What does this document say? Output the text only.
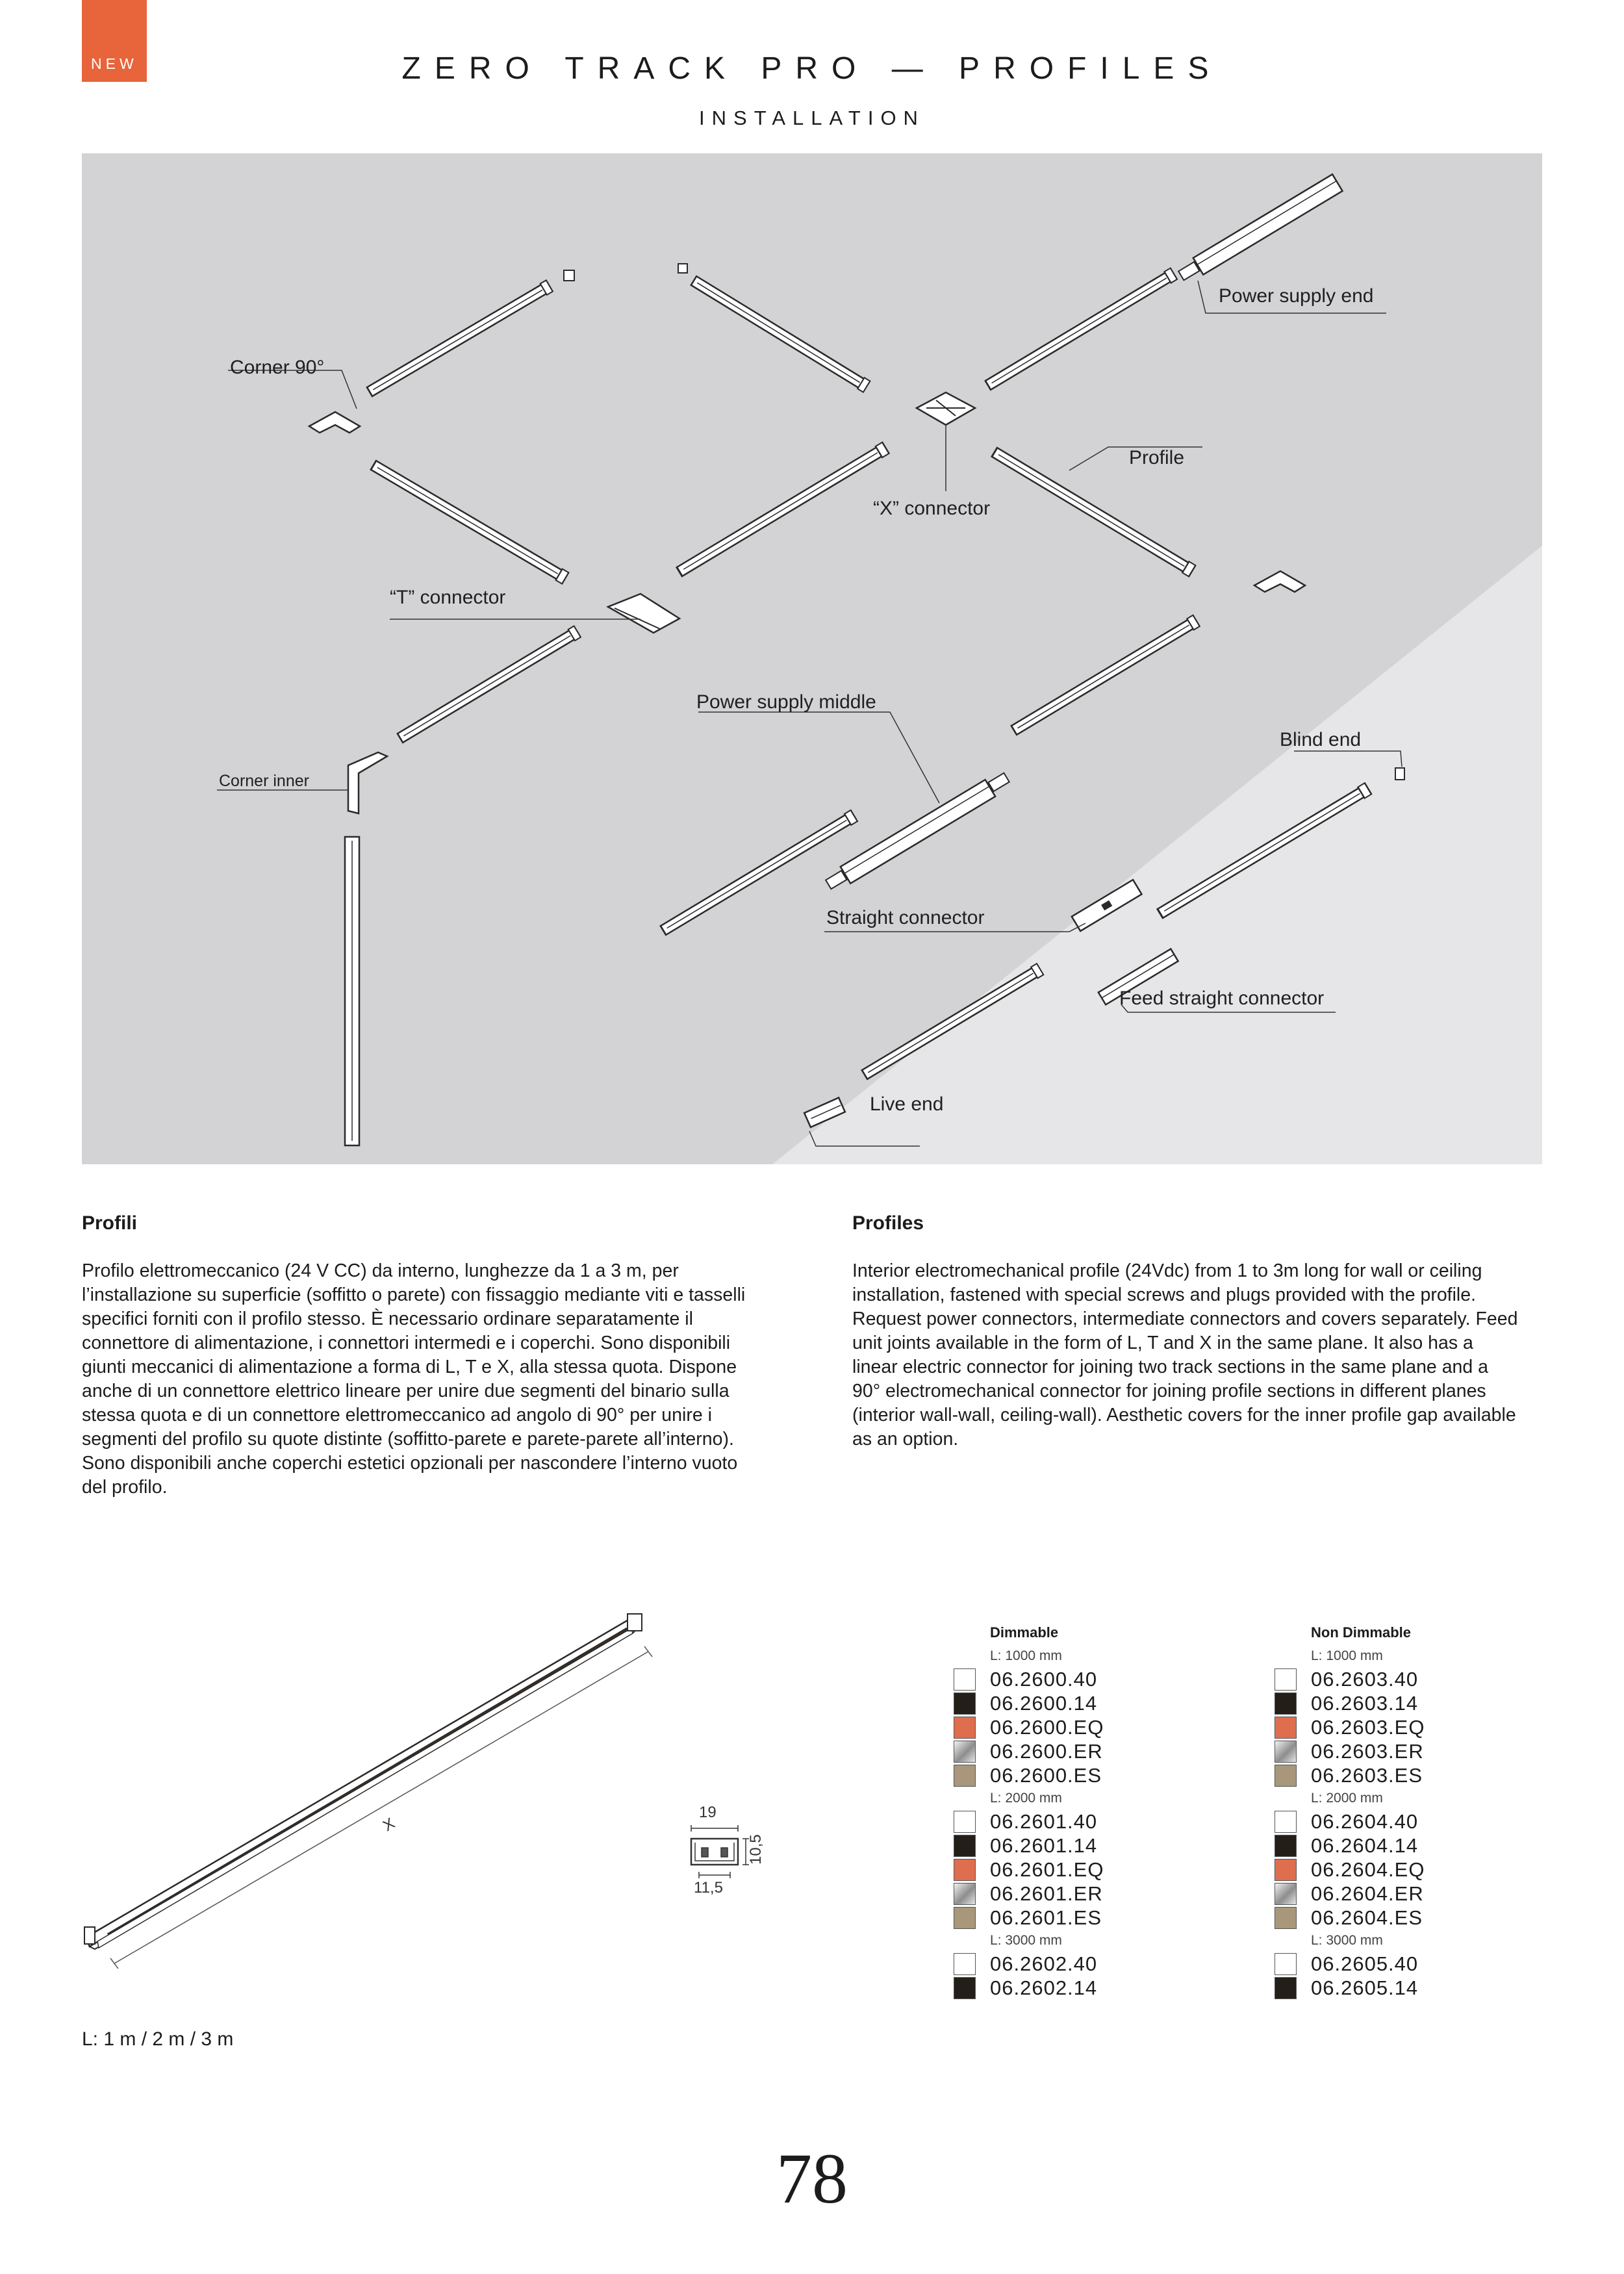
NEW	ZERO TRACK PRO — PROFILES
INSTALLATION
Power supply end
Corner 90°
Profile
“X” connector
“T” connector
Power supply middle
Blind end
Corner inner
Straight connector
Feed straight connector
Live end
Profili
Profilo elettromeccanico (24 V CC) da interno, lunghezze da 1 a 3 m, per l’installazione su superficie (soffitto o parete) con fissaggio mediante viti e tasselli specifici forniti con il profilo stesso. È necessario ordinare separatamente il connettore di alimentazione, i connettori intermedi e i coperchi. Sono disponibili giunti meccanici di alimentazione a forma di L, T e X, alla stessa quota. Dispone anche di un connettore elettrico lineare per unire due segmenti del binario sulla stessa quota e di un connettore elettromeccanico ad angolo di 90° per unire i segmenti del profilo su quote distinte (soffitto-parete e parete-parete all’interno). Sono disponibili anche coperchi estetici opzionali per nascondere l’interno vuoto del profilo.
Profiles
Interior electromechanical profile (24Vdc) from 1 to 3m long for wall or ceiling installation, fastened with special screws and plugs provided with the profile. Request power connectors, intermediate connectors and covers separately. Feed unit joints available in the form of L, T and X in the same plane. It also has a linear electric connector for joining two track sections in the same plane and a 90° electromechanical connector for joining profile sections in different planes (interior wall-wall, ceiling-wall). Aesthetic covers for the inner profile gap available as an option.
X
19
10,5
11,5
L: 1 m / 2 m / 3 m
Dimmable
L: 1000 mm
06.2600.40
06.2600.14
06.2600.EQ
06.2600.ER
06.2600.ES
L: 2000 mm
06.2601.40
06.2601.14
06.2601.EQ
06.2601.ER
06.2601.ES
L: 3000 mm
06.2602.40
06.2602.14
Non Dimmable
L: 1000 mm
06.2603.40
06.2603.14
06.2603.EQ
06.2603.ER
06.2603.ES
L: 2000 mm
06.2604.40
06.2604.14
06.2604.EQ
06.2604.ER
06.2604.ES
L: 3000 mm
06.2605.40
06.2605.14
78
